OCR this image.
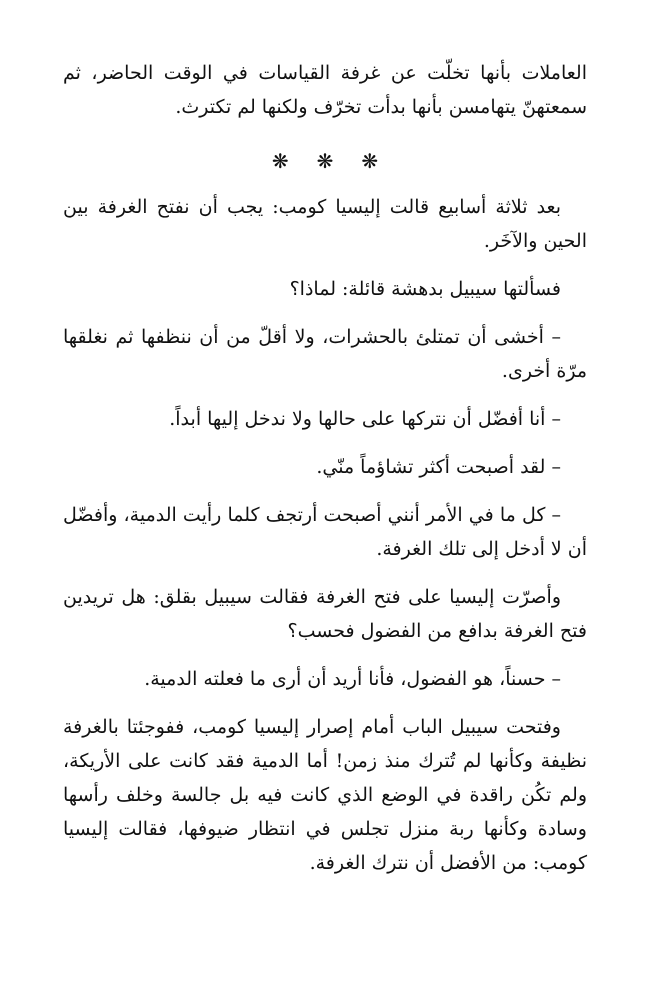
العاملات بأنها تخلّت عن غرفة القياسات في الوقت الحاضر، ثم سمعتهنّ يتهامسن بأنها بدأت تخرّف ولكنها لم تكترث.

❋ ❋ ❋

بعد ثلاثة أسابيع قالت إليسيا كومب: يجب أن نفتح الغرفة بين الحين والآخَر.

فسألتها سيبيل بدهشة قائلة: لماذا؟

– أخشى أن تمتلئ بالحشرات، ولا أقلّ من أن ننظفها ثم نغلقها مرّة أخرى.

– أنا أفضّل أن نتركها على حالها ولا ندخل إليها أبداً.

– لقد أصبحت أكثر تشاؤماً منّي.

– كل ما في الأمر أنني أصبحت أرتجف كلما رأيت الدمية، وأفضّل أن لا أدخل إلى تلك الغرفة.

وأصرّت إليسيا على فتح الغرفة فقالت سيبيل بقلق: هل تريدين فتح الغرفة بدافع من الفضول فحسب؟

– حسناً، هو الفضول، فأنا أريد أن أرى ما فعلته الدمية.

وفتحت سيبيل الباب أمام إصرار إليسيا كومب، ففوجئتا بالغرفة نظيفة وكأنها لم تُترك منذ زمن! أما الدمية فقد كانت على الأريكة، ولم تكُن راقدة في الوضع الذي كانت فيه بل جالسة وخلف رأسها وسادة وكأنها ربة منزل تجلس في انتظار ضيوفها، فقالت إليسيا كومب: من الأفضل أن نترك الغرفة.
